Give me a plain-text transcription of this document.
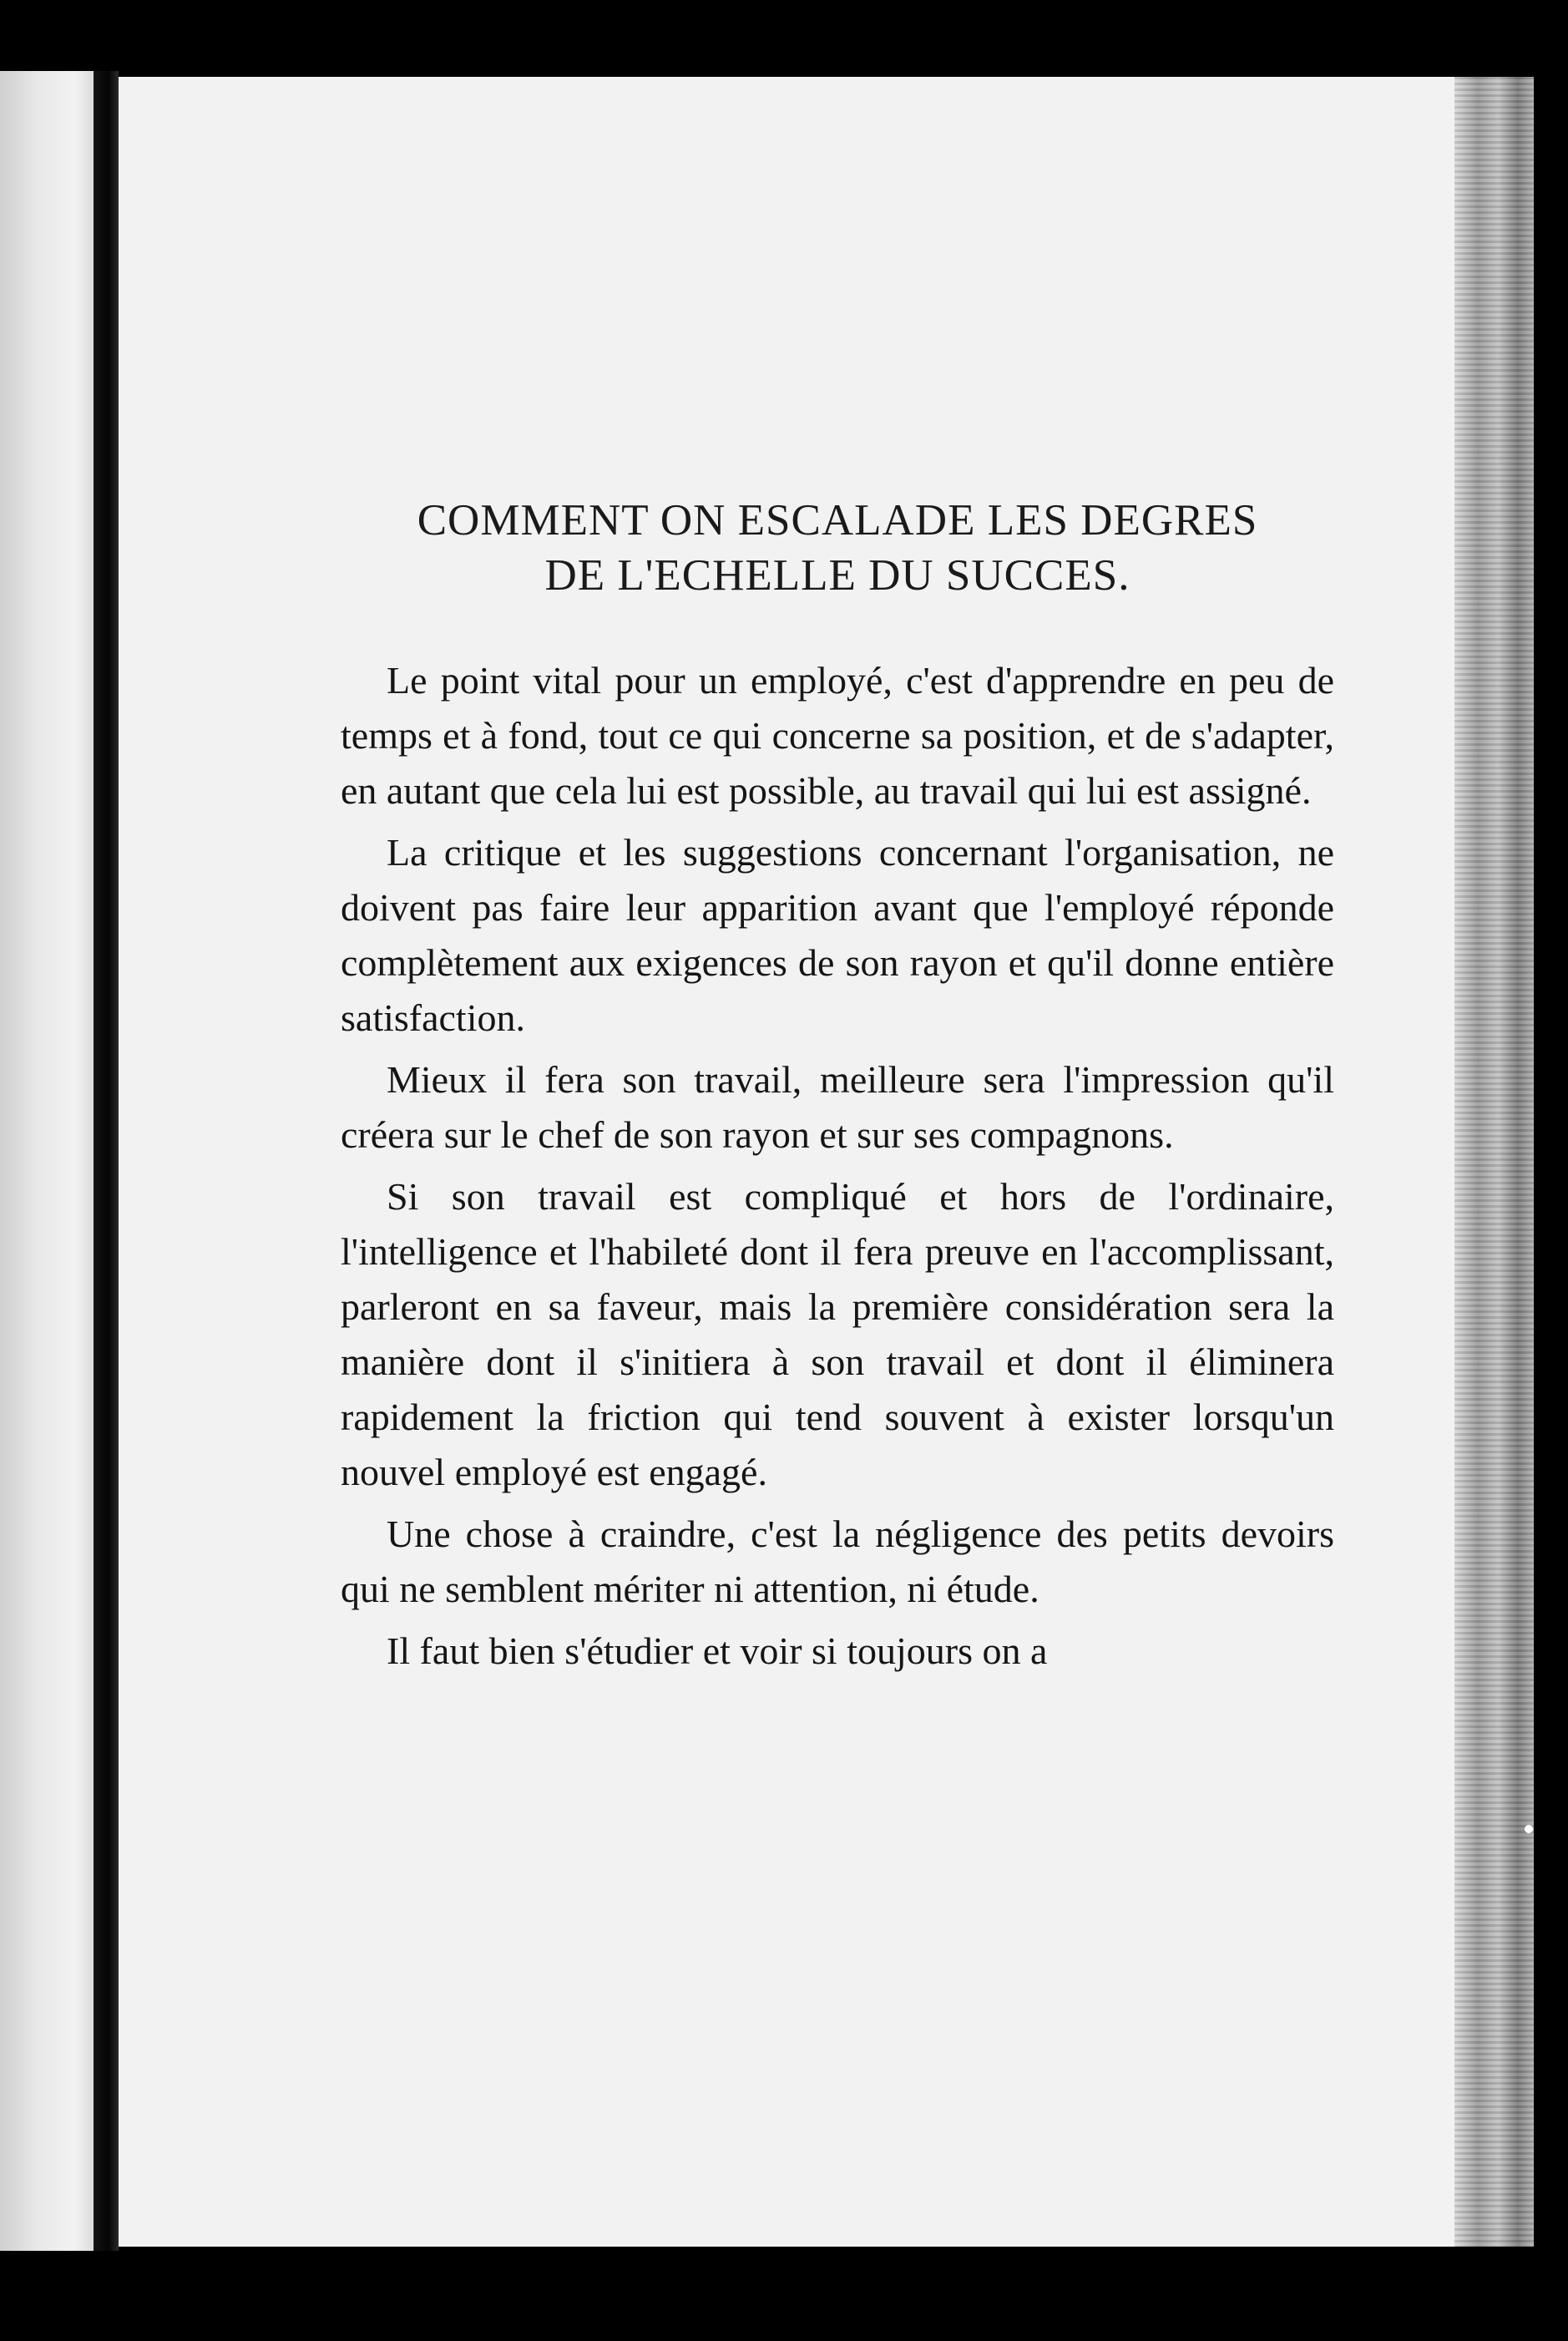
COMMENT ON ESCALADE LES DEGRES
DE L'ECHELLE DU SUCCES.

Le point vital pour un employé, c'est d'apprendre en peu de temps et à fond, tout ce qui concerne sa position, et de s'adapter, en autant que cela lui est possible, au travail qui lui est assigné.

La critique et les suggestions concernant l'organisation, ne doivent pas faire leur apparition avant que l'employé réponde complètement aux exigences de son rayon et qu'il donne entière satisfaction.

Mieux il fera son travail, meilleure sera l'impression qu'il créera sur le chef de son rayon et sur ses compagnons.

Si son travail est compliqué et hors de l'ordinaire, l'intelligence et l'habileté dont il fera preuve en l'accomplissant, parleront en sa faveur, mais la première considération sera la manière dont il s'initiera à son travail et dont il éliminera rapidement la friction qui tend souvent à exister lorsqu'un nouvel employé est engagé.

Une chose à craindre, c'est la négligence des petits devoirs qui ne semblent mériter ni attention, ni étude.

Il faut bien s'étudier et voir si toujours on a
